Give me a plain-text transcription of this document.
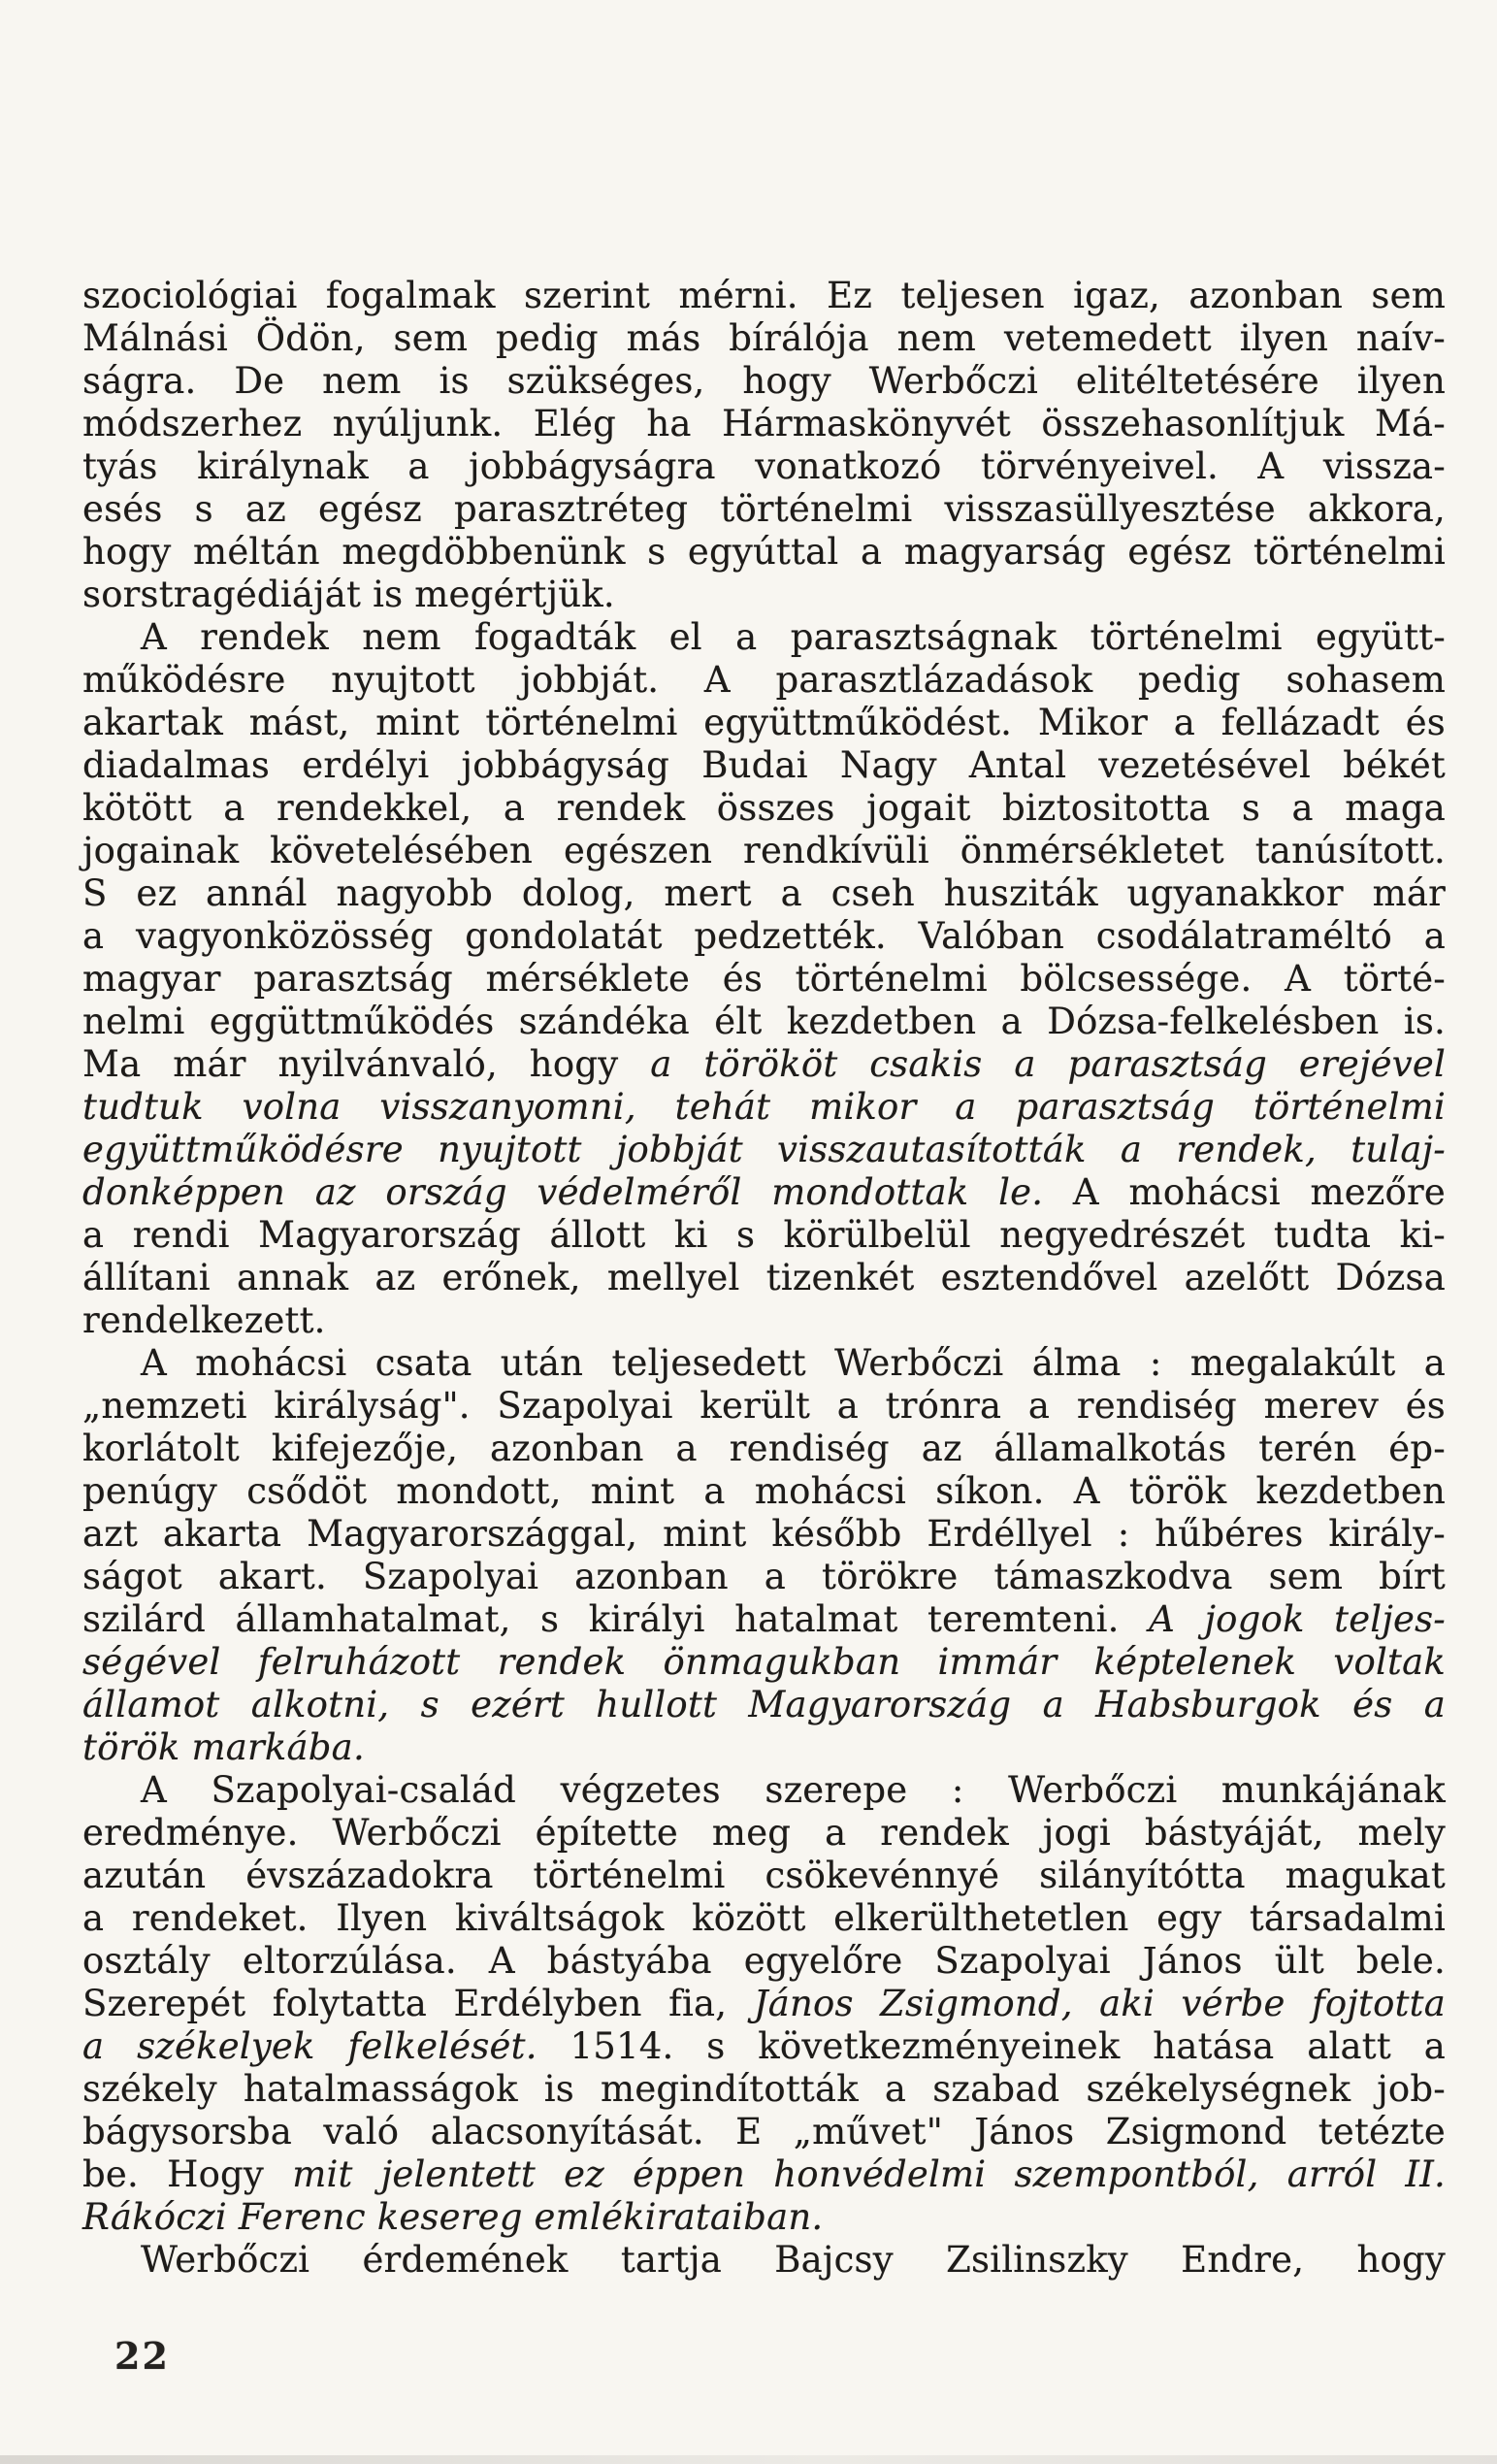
szociológiai fogalmak szerint mérni. Ez teljesen igaz, azonban sem
Málnási Ödön, sem pedig más bírálója nem vetemedett ilyen naív-
ságra. De nem is szükséges, hogy Werbőczi elitéltetésére ilyen
módszerhez nyúljunk. Elég ha Hármaskönyvét összehasonlítjuk Má-
tyás királynak a jobbágyságra vonatkozó törvényeivel. A vissza-
esés s az egész parasztréteg történelmi visszasüllyesztése akkora,
hogy méltán megdöbbenünk s egyúttal a magyarság egész történelmi
sorstragédiáját is megértjük.
A rendek nem fogadták el a parasztságnak történelmi együtt-
működésre nyujtott jobbját. A parasztlázadások pedig sohasem
akartak mást, mint történelmi együttműködést. Mikor a fellázadt és
diadalmas erdélyi jobbágyság Budai Nagy Antal vezetésével békét
kötött a rendekkel, a rendek összes jogait biztositotta s a maga
jogainak követelésében egészen rendkívüli önmérsékletet tanúsított.
S ez annál nagyobb dolog, mert a cseh husziták ugyanakkor már
a vagyonközösség gondolatát pedzették. Valóban csodálatraméltó a
magyar parasztság mérséklete és történelmi bölcsessége. A törté-
nelmi eggüttműködés szándéka élt kezdetben a Dózsa-felkelésben is.
Ma már nyilvánvaló, hogy a törököt csakis a parasztság erejével
tudtuk volna visszanyomni, tehát mikor a parasztság történelmi
együttműködésre nyujtott jobbját visszautasították a rendek, tulaj-
donképpen az ország védelméről mondottak le. A mohácsi mezőre
a rendi Magyarország állott ki s körülbelül negyedrészét tudta ki-
állítani annak az erőnek, mellyel tizenkét esztendővel azelőtt Dózsa
rendelkezett.
A mohácsi csata után teljesedett Werbőczi álma : megalakúlt a
„nemzeti királyság". Szapolyai került a trónra a rendiség merev és
korlátolt kifejezője, azonban a rendiség az államalkotás terén ép-
penúgy csődöt mondott, mint a mohácsi síkon. A török kezdetben
azt akarta Magyarországgal, mint később Erdéllyel : hűbéres király-
ságot akart. Szapolyai azonban a törökre támaszkodva sem bírt
szilárd államhatalmat, s királyi hatalmat teremteni. A jogok teljes-
ségével felruházott rendek önmagukban immár képtelenek voltak
államot alkotni, s ezért hullott Magyarország a Habsburgok és a
török markába.
A Szapolyai-család végzetes szerepe : Werbőczi munkájának
eredménye. Werbőczi építette meg a rendek jogi bástyáját, mely
azután évszázadokra történelmi csökevénnyé silányítótta magukat
a rendeket. Ilyen kiváltságok között elkerülthetetlen egy társadalmi
osztály eltorzúlása. A bástyába egyelőre Szapolyai János ült bele.
Szerepét folytatta Erdélyben fia, János Zsigmond, aki vérbe fojtotta
a székelyek felkelését. 1514. s következményeinek hatása alatt a
székely hatalmasságok is megindították a szabad székelységnek job-
bágysorsba való alacsonyítását. E „művet" János Zsigmond tetézte
be. Hogy mit jelentett ez éppen honvédelmi szempontból, arról II.
Rákóczi Ferenc kesereg emlékirataiban.
Werbőczi érdemének tartja Bajcsy Zsilinszky Endre, hogy
22
